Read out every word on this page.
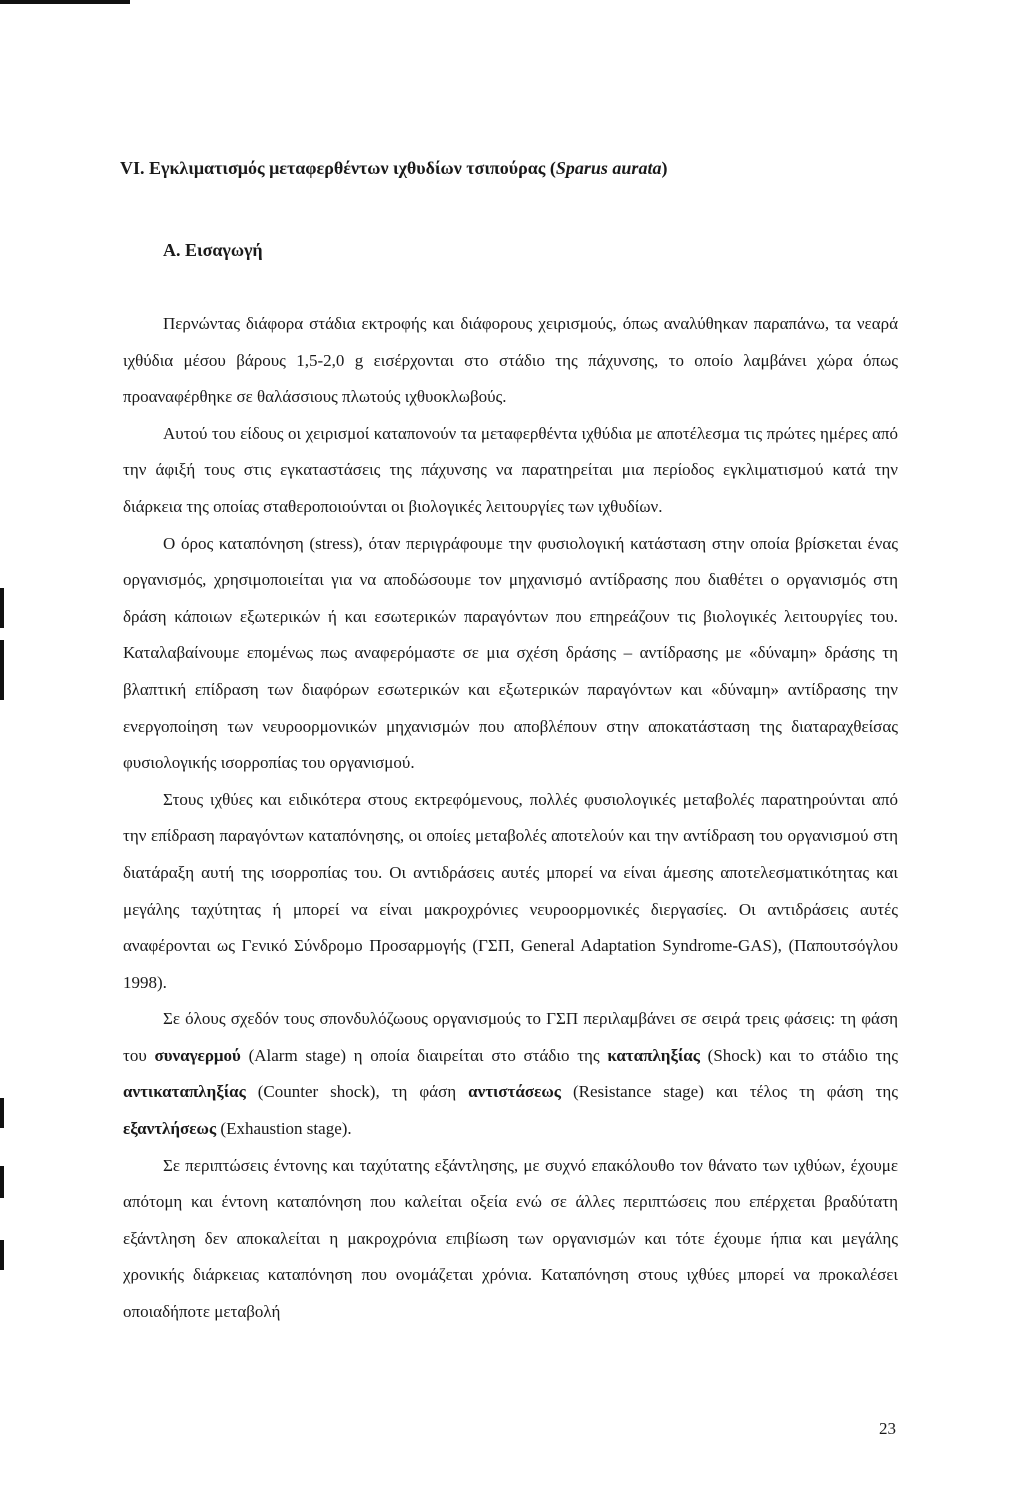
VI. Εγκλιματισμός μεταφερθέντων ιχθυδίων τσιπούρας (Sparus aurata)
Α. Εισαγωγή

Περνώντας διάφορα στάδια εκτροφής και διάφορους χειρισμούς, όπως αναλύθηκαν παραπάνω, τα νεαρά ιχθύδια μέσου βάρους 1,5-2,0 g εισέρχονται στο στάδιο της πάχυνσης, το οποίο λαμβάνει χώρα όπως προαναφέρθηκε σε θαλάσσιους πλωτούς ιχθυοκλωβούς.

Αυτού του είδους οι χειρισμοί καταπονούν τα μεταφερθέντα ιχθύδια με αποτέλεσμα τις πρώτες ημέρες από την άφιξή τους στις εγκαταστάσεις της πάχυνσης να παρατηρείται μια περίοδος εγκλιματισμού κατά την διάρκεια της οποίας σταθεροποιούνται οι βιολογικές λειτουργίες των ιχθυδίων.

Ο όρος καταπόνηση (stress), όταν περιγράφουμε την φυσιολογική κατάσταση στην οποία βρίσκεται ένας οργανισμός, χρησιμοποιείται για να αποδώσουμε τον μηχανισμό αντίδρασης που διαθέτει ο οργανισμός στη δράση κάποιων εξωτερικών ή και εσωτερικών παραγόντων που επηρεάζουν τις βιολογικές λειτουργίες του. Καταλαβαίνουμε επομένως πως αναφερόμαστε σε μια σχέση δράσης – αντίδρασης με «δύναμη» δράσης τη βλαπτική επίδραση των διαφόρων εσωτερικών και εξωτερικών παραγόντων και «δύναμη» αντίδρασης την ενεργοποίηση των νευροορμονικών μηχανισμών που αποβλέπουν στην αποκατάσταση της διαταραχθείσας φυσιολογικής ισορροπίας του οργανισμού.

Στους ιχθύες και ειδικότερα στους εκτρεφόμενους, πολλές φυσιολογικές μεταβολές παρατηρούνται από την επίδραση παραγόντων καταπόνησης, οι οποίες μεταβολές αποτελούν και την αντίδραση του οργανισμού στη διατάραξη αυτή της ισορροπίας του. Οι αντιδράσεις αυτές μπορεί να είναι άμεσης αποτελεσματικότητας και μεγάλης ταχύτητας ή μπορεί να είναι μακροχρόνιες νευροορμονικές διεργασίες. Οι αντιδράσεις αυτές αναφέρονται ως Γενικό Σύνδρομο Προσαρμογής (ΓΣΠ, General Adaptation Syndrome-GAS), (Παπουτσόγλου 1998).

Σε όλους σχεδόν τους σπονδυλόζωους οργανισμούς το ΓΣΠ περιλαμβάνει σε σειρά τρεις φάσεις: τη φάση του συναγερμού (Alarm stage) η οποία διαιρείται στο στάδιο της καταπληξίας (Shock) και το στάδιο της αντικαταπληξίας (Counter shock), τη φάση αντιστάσεως (Resistance stage) και τέλος τη φάση της εξαντλήσεως (Exhaustion stage).

Σε περιπτώσεις έντονης και ταχύτατης εξάντλησης, με συχνό επακόλουθο τον θάνατο των ιχθύων, έχουμε απότομη και έντονη καταπόνηση που καλείται οξεία ενώ σε άλλες περιπτώσεις που επέρχεται βραδύτατη εξάντληση δεν αποκαλείται η μακροχρόνια επιβίωση των οργανισμών και τότε έχουμε ήπια και μεγάλης χρονικής διάρκειας καταπόνηση που ονομάζεται χρόνια. Καταπόνηση στους ιχθύες μπορεί να προκαλέσει οποιαδήποτε μεταβολή

23
